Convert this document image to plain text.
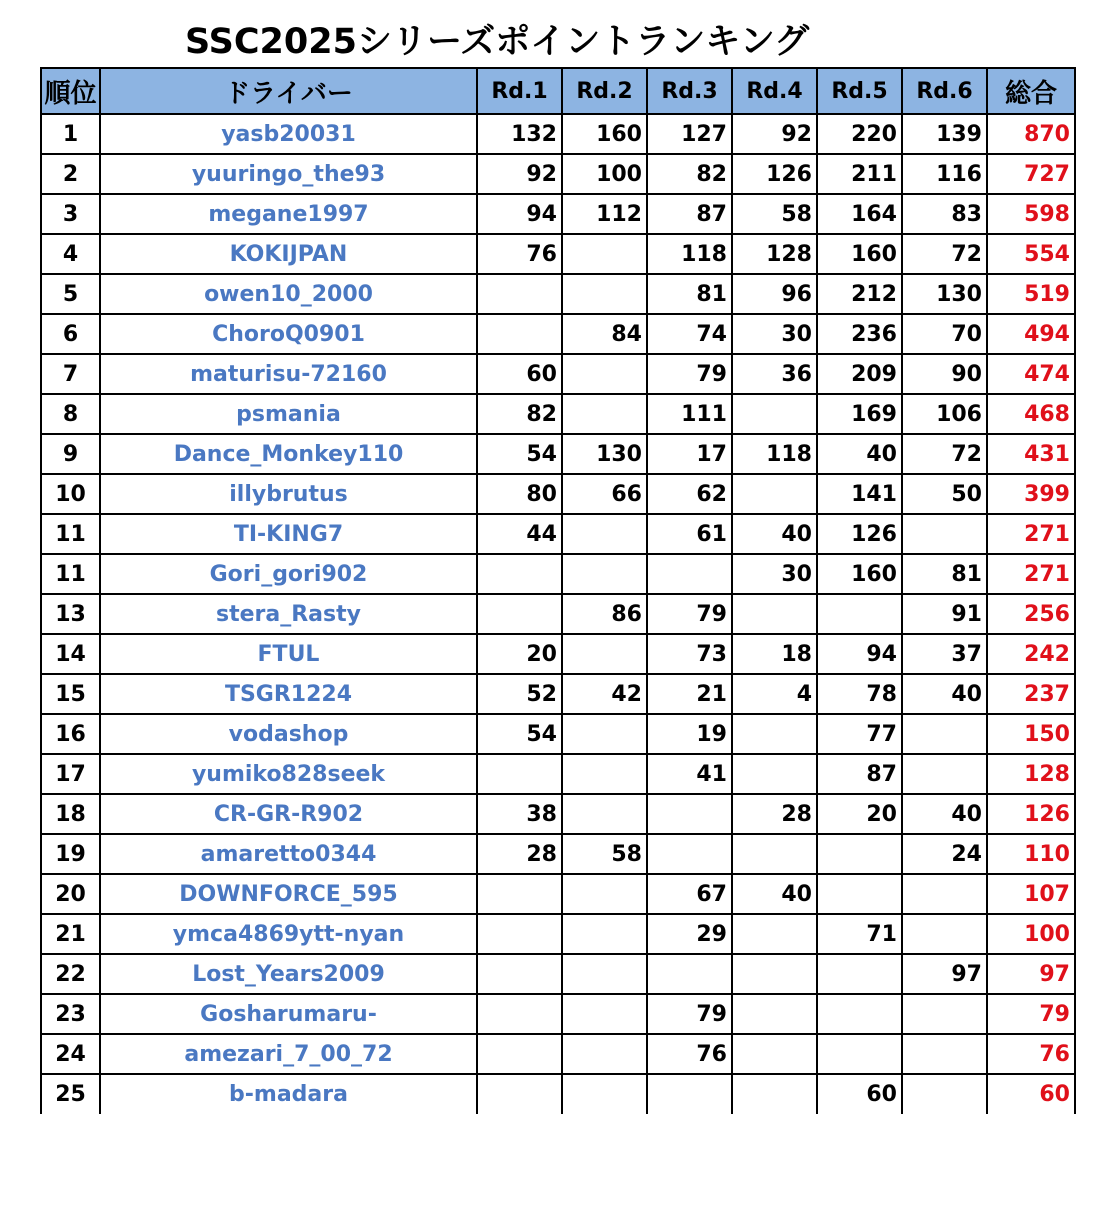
SSC2025シリーズポイントランキング
順位	ドライバー	Rd.1	Rd.2	Rd.3	Rd.4	Rd.5	Rd.6	総合
1	yasb20031	132	160	127	92	220	139	870
2	yuuringo_the93	92	100	82	126	211	116	727
3	megane1997	94	112	87	58	164	83	598
4	KOKIJPAN	76		118	128	160	72	554
5	owen10_2000			81	96	212	130	519
6	ChoroQ0901		84	74	30	236	70	494
7	maturisu-72160	60		79	36	209	90	474
8	psmania	82		111		169	106	468
9	Dance_Monkey110	54	130	17	118	40	72	431
10	illybrutus	80	66	62		141	50	399
11	TI-KING7	44		61	40	126		271
11	Gori_gori902				30	160	81	271
13	stera_Rasty		86	79			91	256
14	FTUL	20		73	18	94	37	242
15	TSGR1224	52	42	21	4	78	40	237
16	vodashop	54		19		77		150
17	yumiko828seek			41		87		128
18	CR-GR-R902	38			28	20	40	126
19	amaretto0344	28	58				24	110
20	DOWNFORCE_595			67	40			107
21	ymca4869ytt-nyan			29		71		100
22	Lost_Years2009						97	97
23	Gosharumaru-			79				79
24	amezari_7_00_72			76				76
25	b-madara					60		60
